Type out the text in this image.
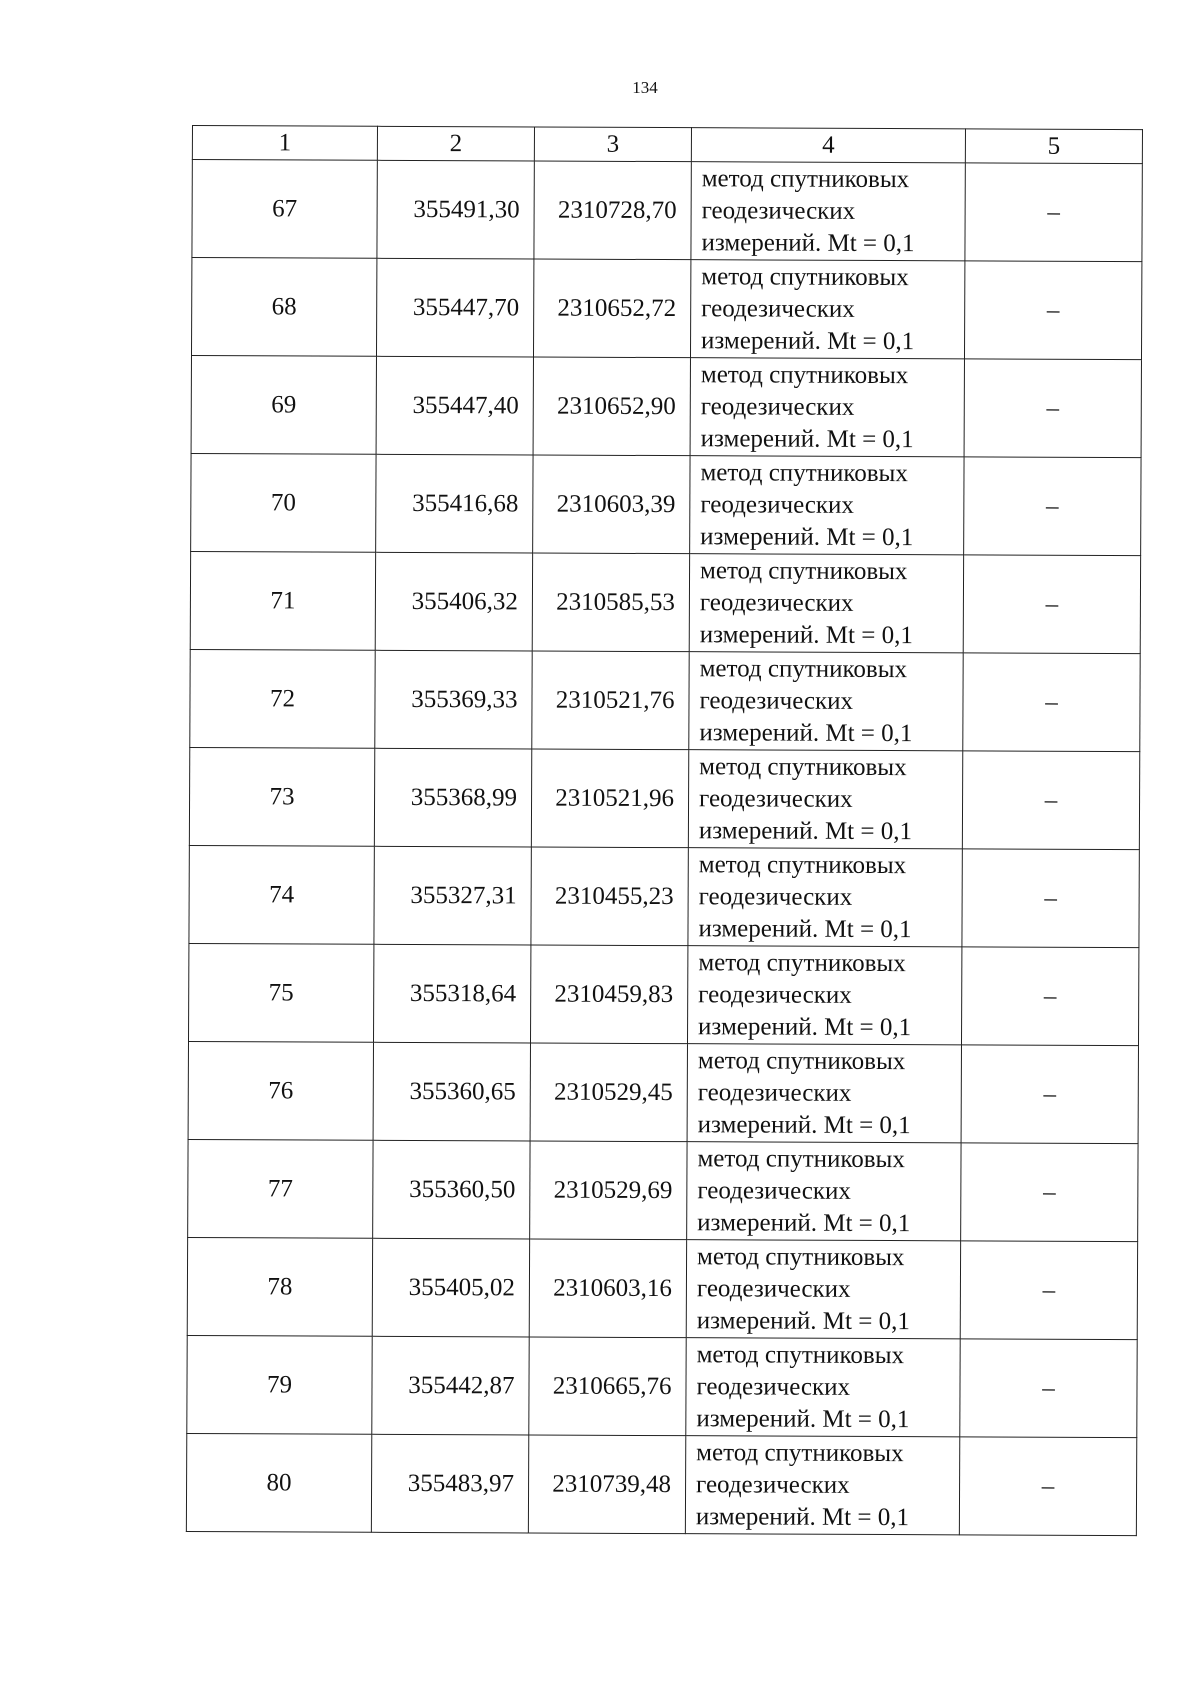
134
1	2	3	4	5
67	355491,30	2310728,70	метод спутниковых
геодезических
измерений. Mt = 0,1	–
68	355447,70	2310652,72	метод спутниковых
геодезических
измерений. Mt = 0,1	–
69	355447,40	2310652,90	метод спутниковых
геодезических
измерений. Mt = 0,1	–
70	355416,68	2310603,39	метод спутниковых
геодезических
измерений. Mt = 0,1	–
71	355406,32	2310585,53	метод спутниковых
геодезических
измерений. Mt = 0,1	–
72	355369,33	2310521,76	метод спутниковых
геодезических
измерений. Mt = 0,1	–
73	355368,99	2310521,96	метод спутниковых
геодезических
измерений. Mt = 0,1	–
74	355327,31	2310455,23	метод спутниковых
геодезических
измерений. Mt = 0,1	–
75	355318,64	2310459,83	метод спутниковых
геодезических
измерений. Mt = 0,1	–
76	355360,65	2310529,45	метод спутниковых
геодезических
измерений. Mt = 0,1	–
77	355360,50	2310529,69	метод спутниковых
геодезических
измерений. Mt = 0,1	–
78	355405,02	2310603,16	метод спутниковых
геодезических
измерений. Mt = 0,1	–
79	355442,87	2310665,76	метод спутниковых
геодезических
измерений. Mt = 0,1	–
80	355483,97	2310739,48	метод спутниковых
геодезических
измерений. Mt = 0,1	–
